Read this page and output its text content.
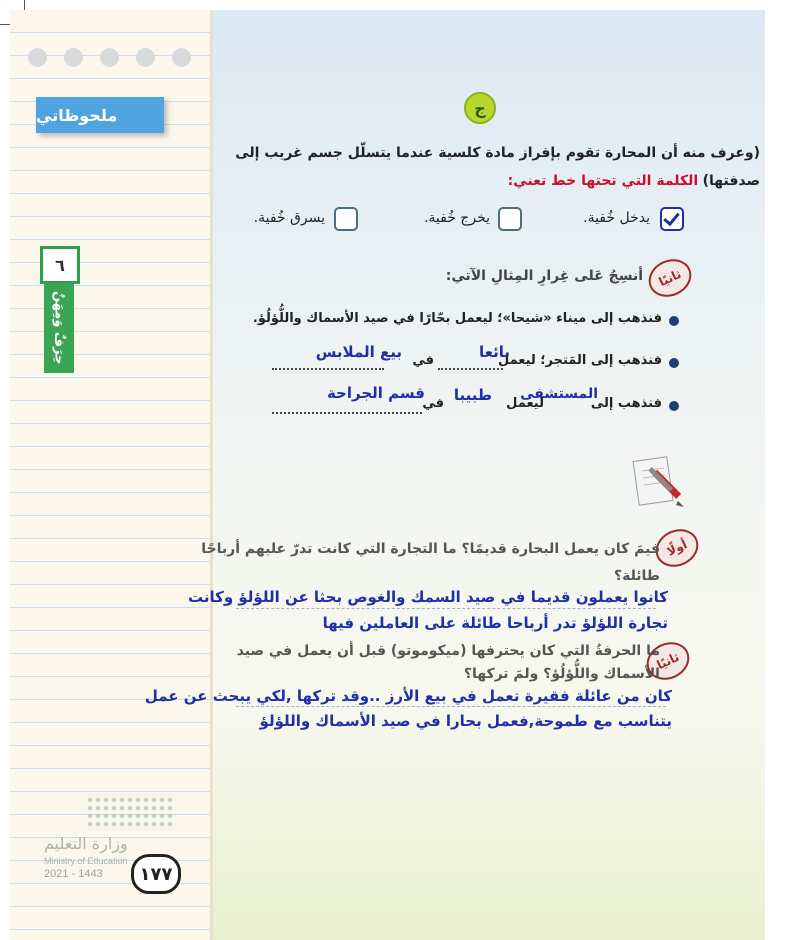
ملحوظاتي
٦
حِرَفٌ وَمِهَنٌ
وزارة التعليم
Ministry of Education
2021 - 1443	١٧٧
ج
(وعرف منه أن المحارة تقوم بإفراز مادة كلسية عندما يتسلّل جسم غريب إلى
صدفتها) الكلمة التي تحتها خط تعني:
يدخل خُفية.
يخرج خُفية.
يسرق خُفية.
ثانيًا
أنسِجُ عَلى غِرارِ المِثالِ الآتي:
فنذهب إلى ميناء «شيحا»؛ ليعمل بحّارًا في صيد الأسماك واللُّؤلُؤ.
فنذهب إلى المَتجر؛ ليعمل
بائعا
في
بيع الملابس
فنذهب إلى
المستشفى
ليعمل
طبيبا
في
قسم الجراحة
أولًا
فيمَ كان يعمل البحارة قديمًا؟ ما التجارة التي كانت تدرّ عليهم أرباحًا
طائلة؟
كانوا يعملون قديما في صيد السمك والغوص بحثا عن اللؤلؤ وكانت
تجارة اللؤلؤ تدر أرباحا طائلة على العاملين فيها
ثانيًا
ما الحرفةُ التي كان يحترفها (ميكوموتو) قبل أن يعمل في صيد
الأسماك واللُّؤلُؤ؟ ولمَ تركها؟
كان من عائلة فقيرة تعمل في بيع الأرز ..وقد تركها ,لكي يبحث عن عمل
يتناسب مع طموحة,فعمل بحارا في صيد الأسماك واللؤلؤ
